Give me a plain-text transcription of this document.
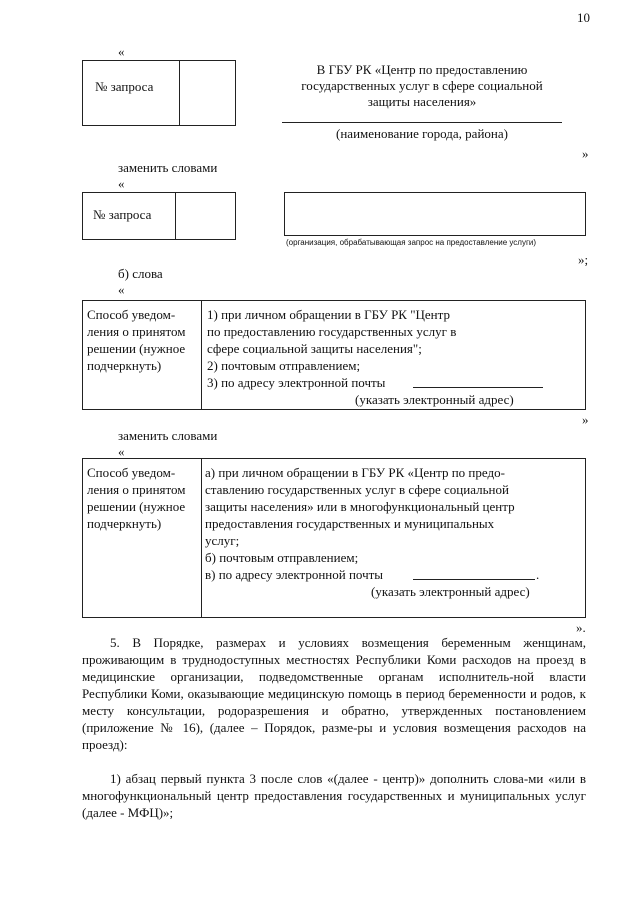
10
«
№ запроса
В ГБУ РК «Центр по предоставлению
государственных услуг в сфере социальной
защиты населения»
(наименование города, района)
»
заменить словами
«
№ запроса
(организация, обрабатывающая запрос на предоставление услуги)
»;
б) слова
«
Способ уведом-
ления о принятом
решении (нужное
подчеркнуть)
1) при личном обращении в ГБУ РК "Центр
по предоставлению государственных услуг в
сфере социальной защиты населения";
2) почтовым отправлением;
3) по адресу электронной почты
(указать электронный адрес)
»
заменить словами
«
Способ уведом-
ления о принятом
решении (нужное
подчеркнуть)
а) при личном обращении в ГБУ РК «Центр по предо-
ставлению государственных услуг в сфере социальной
защиты населения» или в многофункциональный центр
предоставления государственных и муниципальных
услуг;
б) почтовым отправлением;
в) по адресу электронной почты	.
(указать электронный адрес)
».
5. В Порядке, размерах и условиях возмещения беременным женщинам, проживающим в труднодоступных местностях Республики Коми расходов на проезд в медицинские организации, подведомственные органам исполнитель-ной власти Республики Коми, оказывающие медицинскую помощь в период беременности и родов, к месту консультации, родоразрешения и обратно, утвержденных постановлением (приложение № 16), (далее – Порядок, разме-ры и условия возмещения расходов на проезд):
1) абзац первый пункта 3 после слов «(далее - центр)» дополнить слова-ми «или в многофункциональный центр предоставления государственных и муниципальных услуг (далее - МФЦ)»;
